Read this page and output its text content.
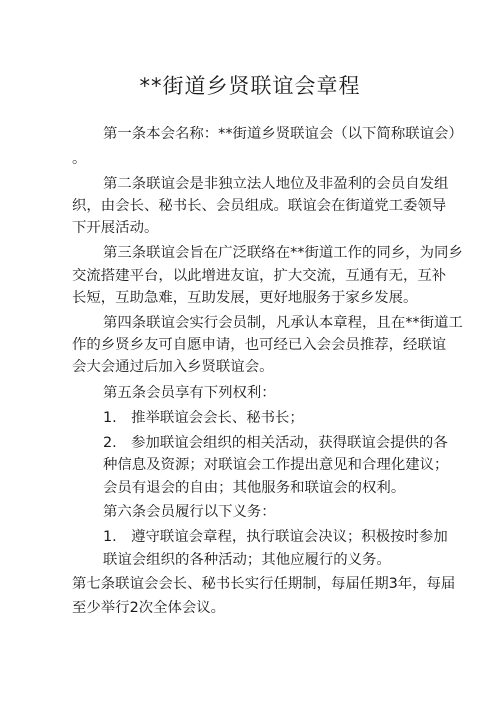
**街道乡贤联谊会章程
第一条本会名称：**街道乡贤联谊会（以下简称联谊会）
。
第二条联谊会是非独立法人地位及非盈利的会员自发组
织，由会长、秘书长、会员组成。联谊会在街道党工委领导
下开展活动。
第三条联谊会旨在广泛联络在**街道工作的同乡，为同乡
交流搭建平台，以此增进友谊，扩大交流，互通有无，互补
长短，互助急难，互助发展，更好地服务于家乡发展。
第四条联谊会实行会员制，凡承认本章程，且在**街道工
作的乡贤乡友可自愿申请，也可经已入会会员推荐，经联谊
会大会通过后加入乡贤联谊会。
第五条会员享有下列权利：
1.　推举联谊会会长、秘书长；
2.　参加联谊会组织的相关活动，获得联谊会提供的各
种信息及资源；对联谊会工作提出意见和合理化建议；
会员有退会的自由；其他服务和联谊会的权利。
第六条会员履行以下义务：
1.　遵守联谊会章程，执行联谊会决议；积极按时参加
联谊会组织的各种活动；其他应履行的义务。
第七条联谊会会长、秘书长实行任期制，每届任期3年，每届
至少举行2次全体会议。
